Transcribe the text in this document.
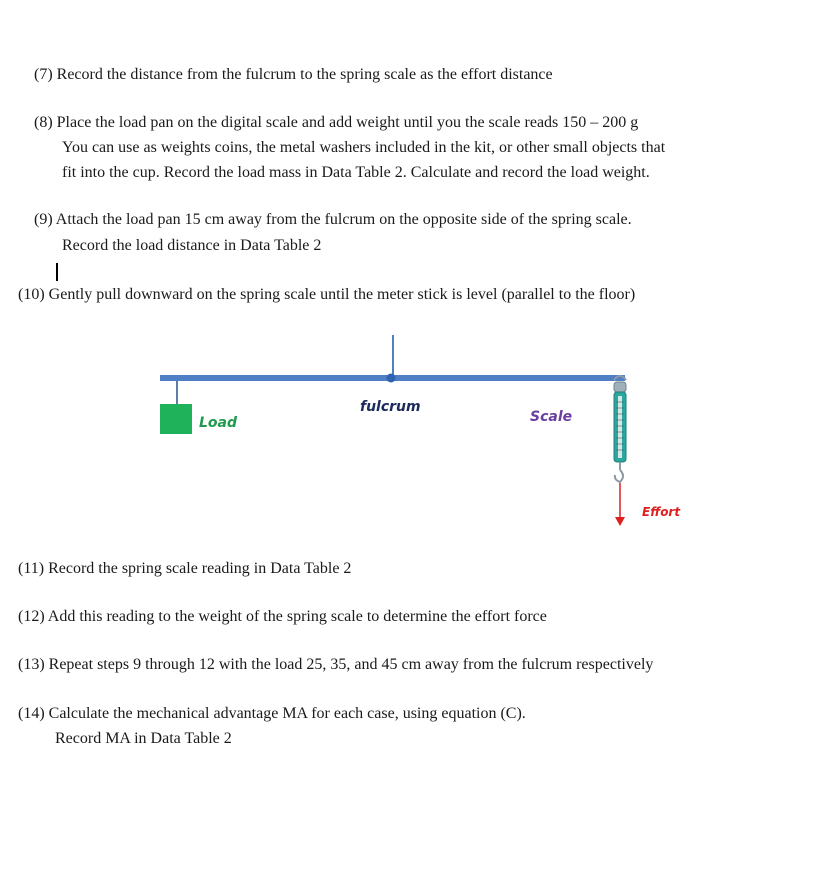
(7) Record the distance from the fulcrum to the spring scale as the effort distance
(8) Place the load pan on the digital scale and add weight until you the scale reads 150 – 200 g
You can use as weights coins, the metal washers included in the kit, or other small objects that
fit into the cup. Record the load mass in Data Table 2. Calculate and record the load weight.
(9) Attach the load pan 15 cm away from the fulcrum on the opposite side of the spring scale.
Record the load distance in Data Table 2
(10) Gently pull downward on the spring scale until the meter stick is level (parallel to the floor)
Load
fulcrum
Scale
Effort
(11) Record the spring scale reading in Data Table 2
(12) Add this reading to the weight of the spring scale to determine the effort force
(13) Repeat steps 9 through 12 with the load 25, 35, and 45 cm away from the fulcrum respectively
(14) Calculate the mechanical advantage MA for each case, using equation (C).
Record MA in Data Table 2
